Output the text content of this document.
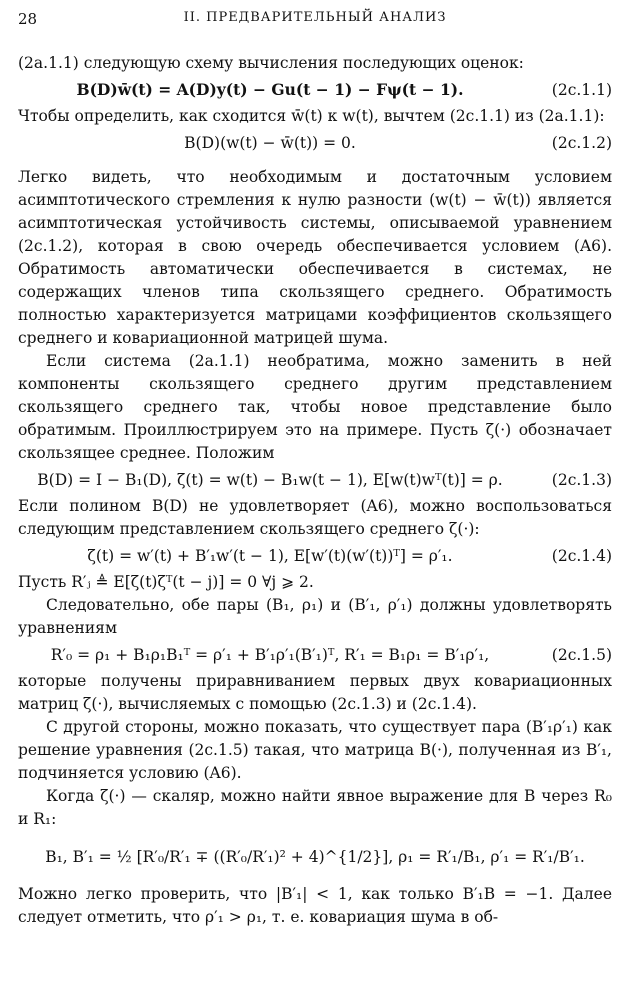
28	II. ПРЕДВАРИТЕЛЬНЫЙ АНАЛИЗ

(2a.1.1) следующую схему вычисления последующих оценок:

B(D)w̄(t) = A(D)y(t) − Gu(t − 1) − Fψ(t − 1).	(2c.1.1)

Чтобы определить, как сходится w̄(t) к w(t), вычтем (2c.1.1) из (2a.1.1):

B(D)(w(t) − w̄(t)) = 0.	(2c.1.2)

Легко видеть, что необходимым и достаточным условием асимптотического стремления к нулю разности (w(t) − w̄(t)) является асимптотическая устойчивость системы, описываемой уравнением (2c.1.2), которая в свою очередь обеспечивается условием (A6). Обратимость автоматически обеспечивается в системах, не содержащих членов типа скользящего среднего. Обратимость полностью характеризуется матрицами коэффициентов скользящего среднего и ковариационной матрицей шума.

Если система (2a.1.1) необратима, можно заменить в ней компоненты скользящего среднего другим представлением скользящего среднего так, чтобы новое представление было обратимым. Проиллюстрируем это на примере. Пусть ζ(·) обозначает скользящее среднее. Положим

B(D) = I − B₁(D), ζ(t) = w(t) − B₁w(t − 1), E[w(t)wᵀ(t)] = ρ.	(2c.1.3)

Если полином B(D) не удовлетворяет (A6), можно воспользоваться следующим представлением скользящего среднего ζ(·):

ζ(t) = w′(t) + B′₁w′(t − 1), E[w′(t)(w′(t))ᵀ] = ρ′₁.	(2c.1.4)

Пусть R′ⱼ ≜ E[ζ(t)ζᵀ(t − j)] = 0 ∀j ⩾ 2.

Следовательно, обе пары (B₁, ρ₁) и (B′₁, ρ′₁) должны удовлетворять уравнениям

R′₀ = ρ₁ + B₁ρ₁B₁ᵀ = ρ′₁ + B′₁ρ′₁(B′₁)ᵀ, R′₁ = B₁ρ₁ = B′₁ρ′₁,	(2c.1.5)

которые получены приравниванием первых двух ковариационных матриц ζ(·), вычисляемых с помощью (2c.1.3) и (2c.1.4).

С другой стороны, можно показать, что существует пара (B′₁ρ′₁) как решение уравнения (2c.1.5) такая, что матрица B(·), полученная из B′₁, подчиняется условию (A6).

Когда ζ(·) — скаляр, можно найти явное выражение для B через R₀ и R₁:

B₁, B′₁ = ½ [R′₀/R′₁ ∓ ((R′₀/R′₁)² + 4)^{1/2}], ρ₁ = R′₁/B₁, ρ′₁ = R′₁/B′₁.

Можно легко проверить, что |B′₁| < 1, как только B′₁B = −1. Далее следует отметить, что ρ′₁ > ρ₁, т. е. ковариация шума в об-
